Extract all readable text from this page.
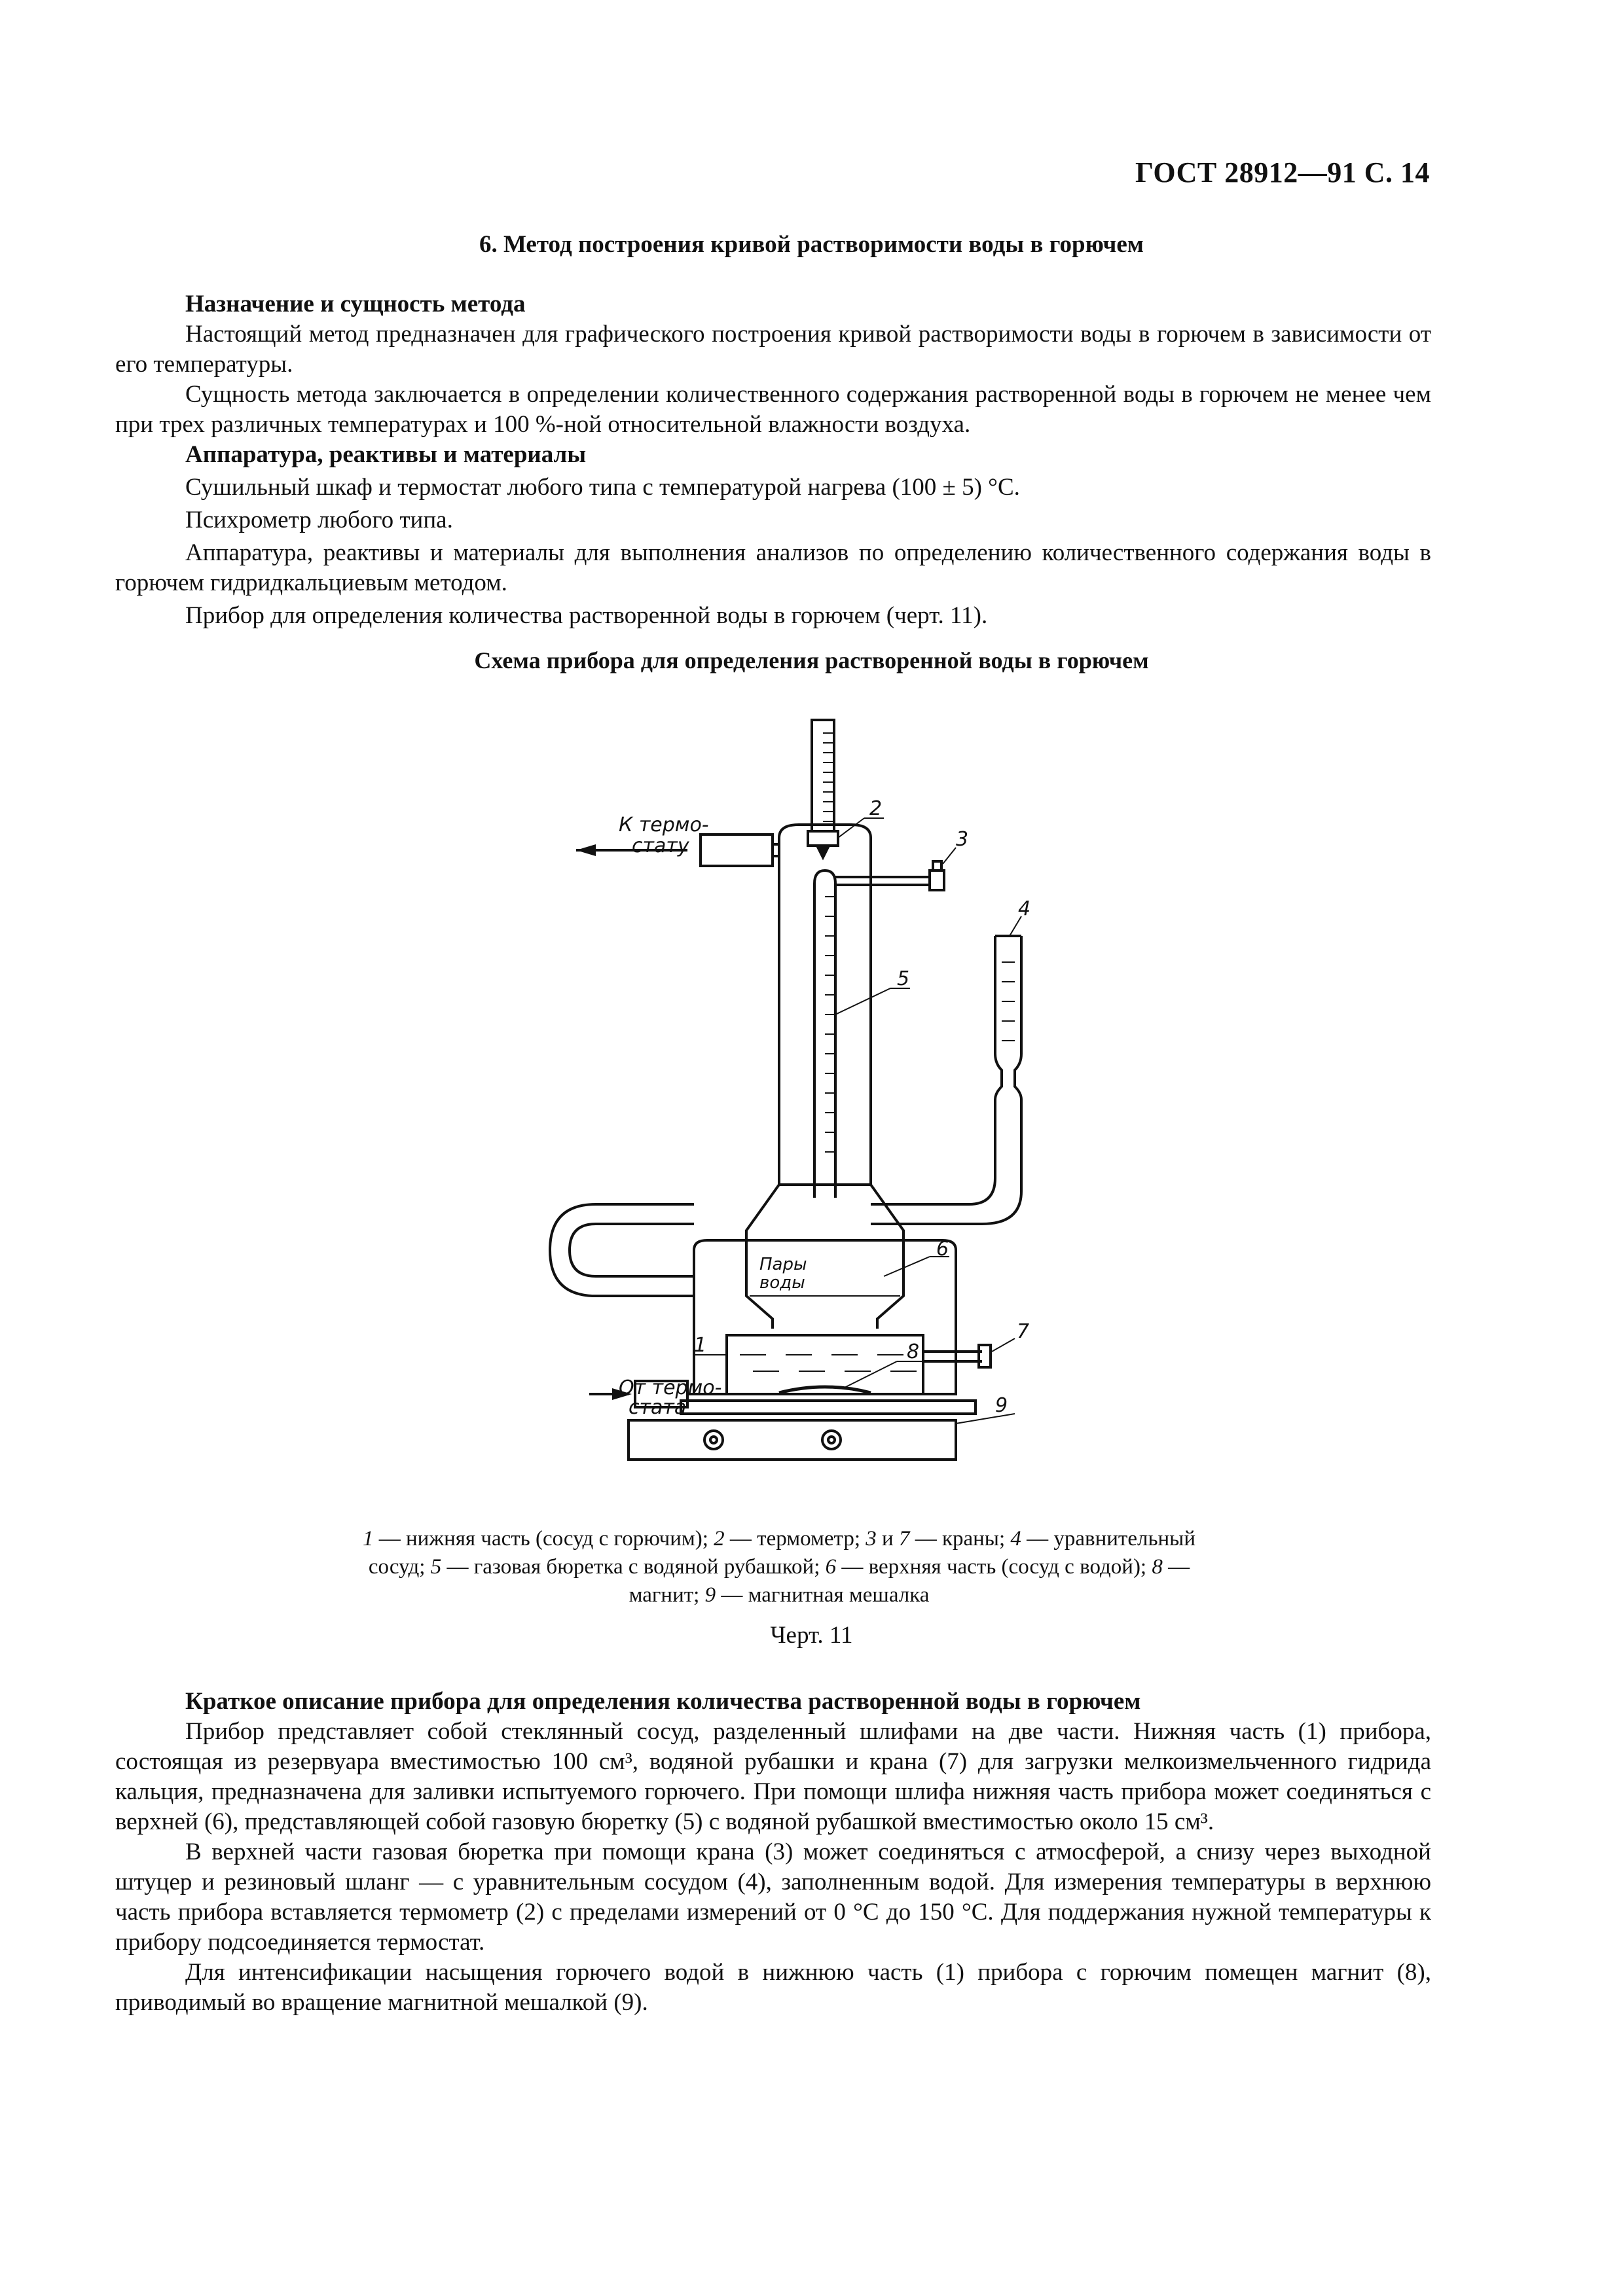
ГОСТ 28912—91 С. 14
6. Метод построения кривой растворимости воды в горючем

Назначение и сущность метода

Настоящий метод предназначен для графического построения кривой растворимости воды в горючем в зависимости от его температуры.

Сущность метода заключается в определении количественного содержания растворенной воды в горючем не менее чем при трех различных температурах и 100 %-ной относительной влажности воздуха.

Аппаратура, реактивы и материалы

Сушильный шкаф и термостат любого типа с температурой нагрева (100 ± 5) °С.

Психрометр любого типа.

Аппаратура, реактивы и материалы для выполнения анализов по определению количественного содержания воды в горючем гидридкальциевым методом.

Прибор для определения количества растворенной воды в горючем (черт. 11).

Схема прибора для определения растворенной воды в горючем
К термо-
стату
От термо-
стата
Пары
воды
2
3
4
5
6
7
8
9
1
1 — нижняя часть (сосуд с горючим); 2 — термометр; 3 и 7 — краны; 4 — уравнительный сосуд; 5 — газовая бюретка с водяной рубашкой; 6 — верхняя часть (сосуд с водой); 8 — магнит; 9 — магнитная мешалка
Черт. 11

Краткое описание прибора для определения количества растворенной воды в горючем

Прибор представляет собой стеклянный сосуд, разделенный шлифами на две части. Нижняя часть (1) прибора, состоящая из резервуара вместимостью 100 см³, водяной рубашки и крана (7) для загрузки мелкоизмельченного гидрида кальция, предназначена для заливки испытуемого горючего. При помощи шлифа нижняя часть прибора может соединяться с верхней (6), представляющей собой газовую бюретку (5) с водяной рубашкой вместимостью около 15 см³.

В верхней части газовая бюретка при помощи крана (3) может соединяться с атмосферой, а снизу через выходной штуцер и резиновый шланг — с уравнительным сосудом (4), заполненным водой. Для измерения температуры в верхнюю часть прибора вставляется термометр (2) с пределами измерений от 0 °С до 150 °С. Для поддержания нужной температуры к прибору подсоединяется термостат.

Для интенсификации насыщения горючего водой в нижнюю часть (1) прибора с горючим помещен магнит (8), приводимый во вращение магнитной мешалкой (9).
